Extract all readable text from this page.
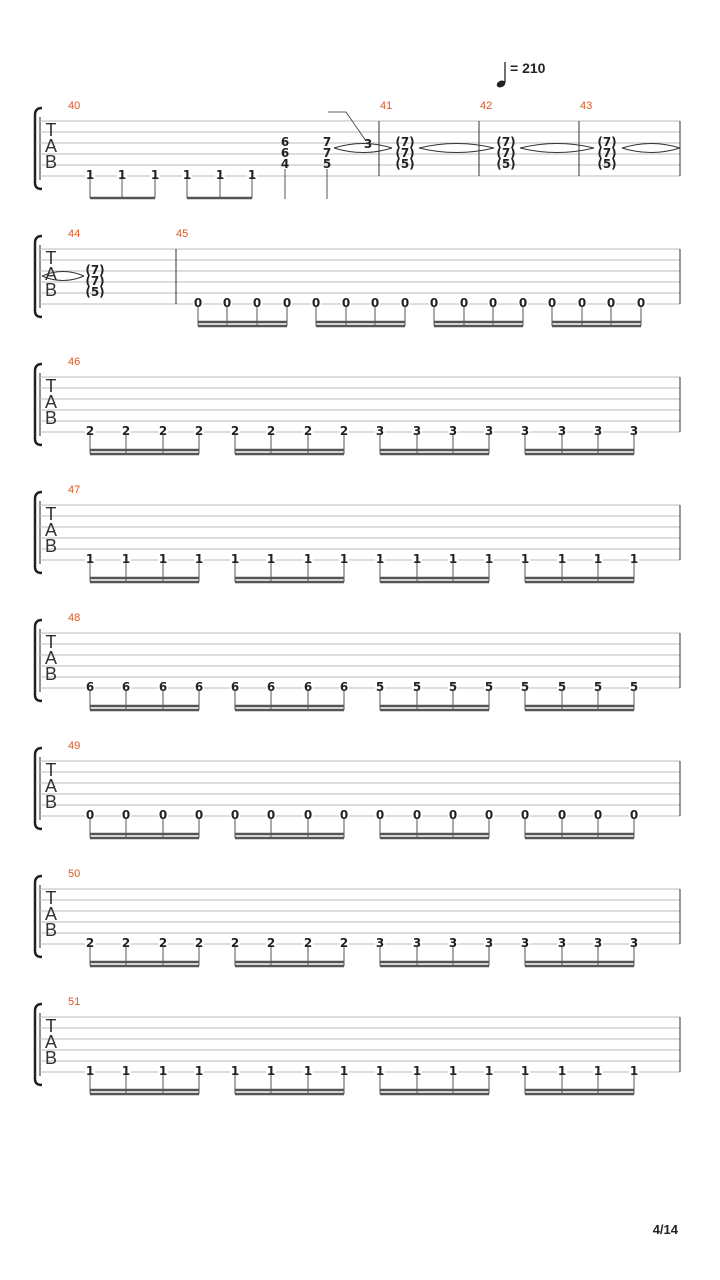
T
A
B
40	41	42	43
1 1 1 1 1 1
6
6
4
7
7
5
3 (7)
(7)
(5)
(7)
(7)
(5)
(7)
(7)
(5)
T
A
B
44	45
(7)
(7)
(5)
0 0 0 0 0 0 0 0 0 0 0 0 0 0 0 0
T
A
B
46
2 2 2 2 2 2 2 2 3 3 3 3 3 3 3 3
T
A
B
47
1 1 1 1 1 1 1 1 1 1 1 1 1 1 1 1
T
A
B
48
6 6 6 6 6 6 6 6 5 5 5 5 5 5 5 5
T
A
B
49
0 0 0 0 0 0 0 0 0 0 0 0 0 0 0 0
T
A
B
50
2 2 2 2 2 2 2 2 3 3 3 3 3 3 3 3
T
A
B
51
1 1 1 1 1 1 1 1 1 1 1 1 1 1 1 1
= 210
4/14
